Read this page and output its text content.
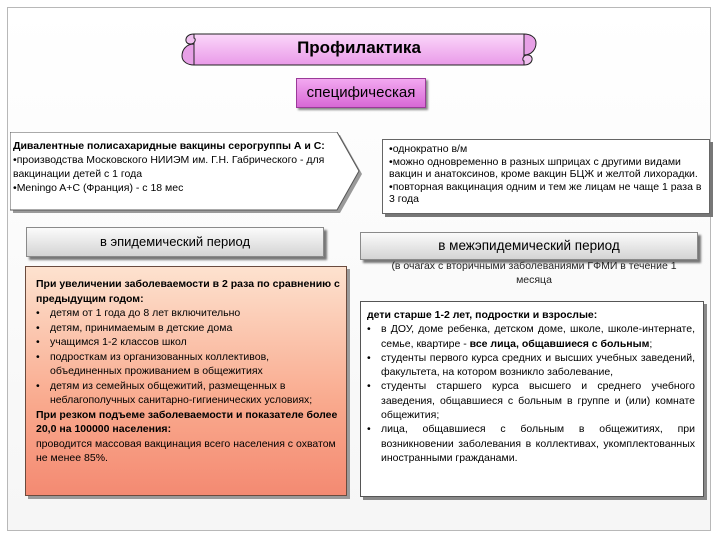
Профилактика
специфическая
Дивалентные полисахаридные вакцины серогруппы А и С:
•производства Московского НИИЭМ им. Г.Н. Габрического - для вакцинации детей с 1 года
•Meningo A+C (Франция) - с 18 мес
•однократно в/м
•можно одновременно в разных шприцах с другими видами вакцин и анатоксинов, кроме вакцин БЦЖ и желтой лихорадки.
•повторная вакцинация одним и тем же лицам не чаще 1 раза в 3 года
в эпидемический период	в межэпидемический период
(в очагах с вторичными заболеваниями ГФМИ в течение 1 месяца
При увеличении заболеваемости в 2 раза по сравнению с предыдущим годом:
• детям от 1 года до 8 лет включительно
• детям, принимаемым в детские дома
• учащимся 1-2 классов школ
• подросткам из организованных коллективов, объединенных проживанием в общежитиях
• детям из семейных общежитий, размещенных в неблагополучных санитарно-гигиенических условиях;
При резком подъеме заболеваемости и показателе более 20,0 на 100000 населения:
проводится массовая вакцинация всего населения с охватом не менее 85%.
дети старше 1-2 лет, подростки и взрослые:
• в ДОУ, доме ребенка, детском доме, школе, школе-интернате, семье, квартире - все лица, общавшиеся с больным;
• студенты первого курса средних и высших учебных заведений, факультета, на котором возникло заболевание,
• студенты старшего курса высшего и среднего учебного заведения, общавшиеся с больным в группе и (или) комнате общежития;
• лица, общавшиеся с больным в общежитиях, при возникновении заболевания в коллективах, укомплектованных иностранными гражданами.
